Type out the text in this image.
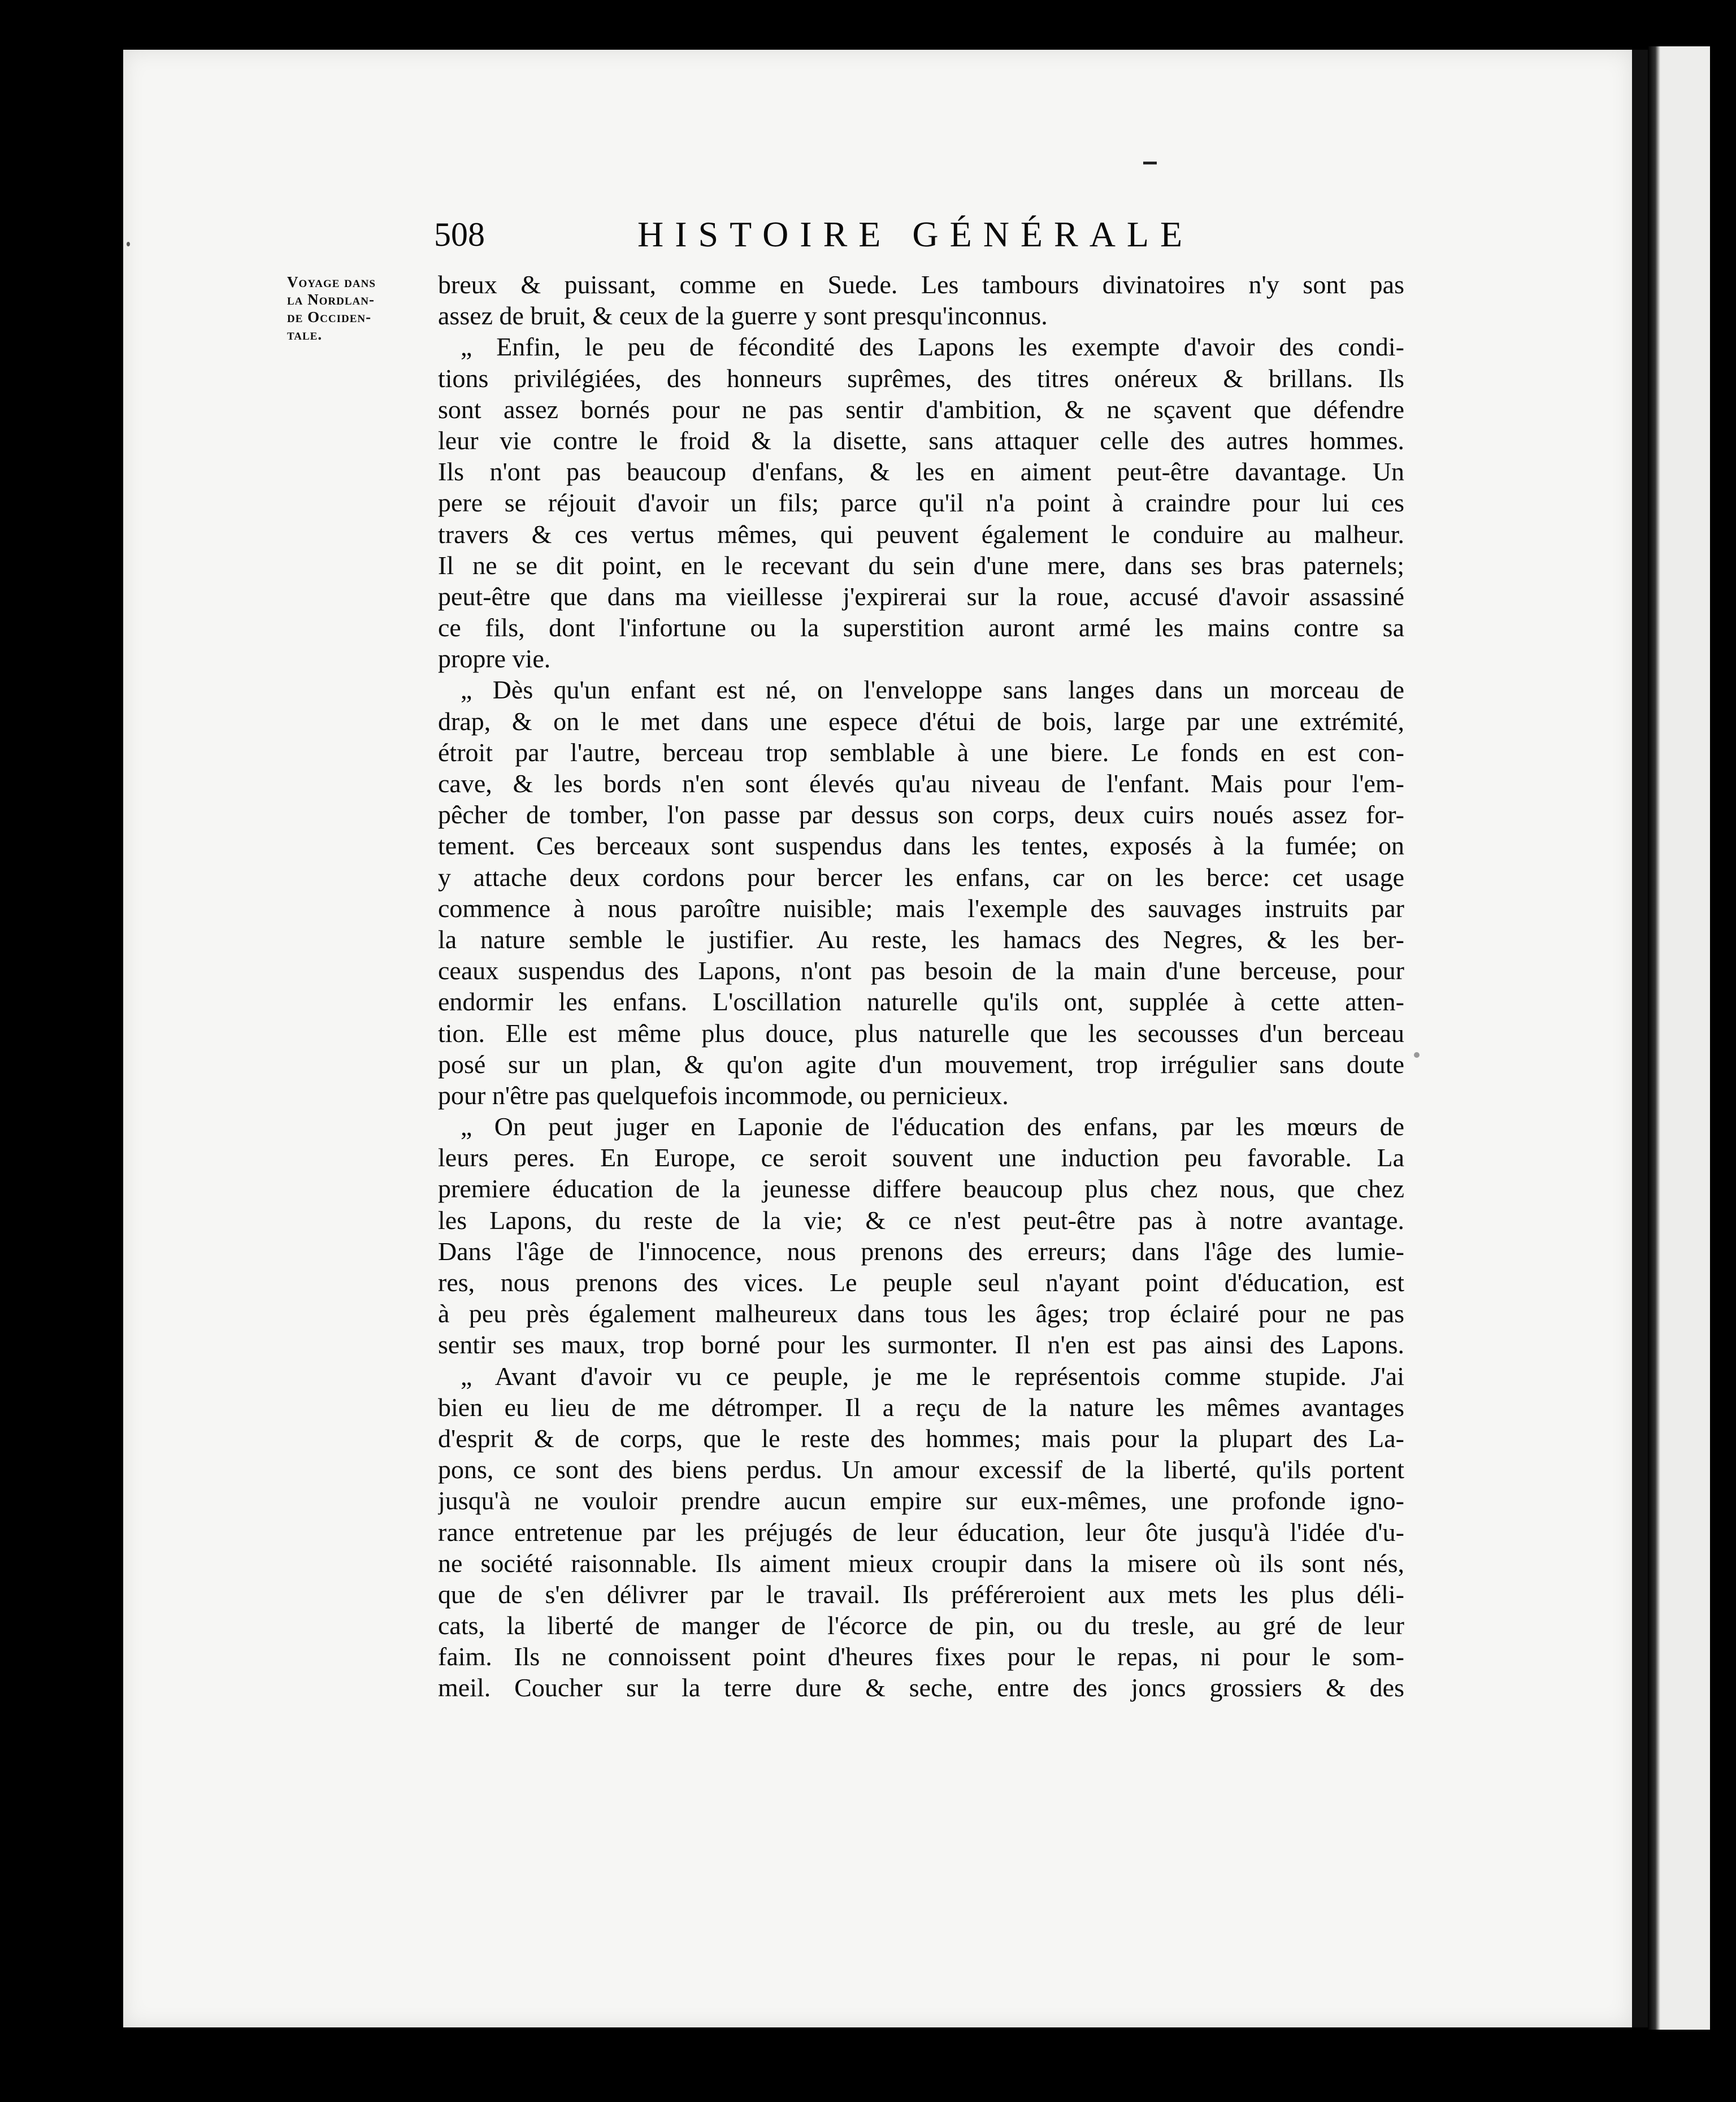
508	HISTOIRE GÉNÉRALE
Voyage dans
la Nordlan-
de Occiden-
tale.
breux & puissant, comme en Suede. Les tambours divinatoires n'y sont pas
assez de bruit, & ceux de la guerre y sont presqu'inconnus.
„ Enfin, le peu de fécondité des Lapons les exempte d'avoir des condi-
tions privilégiées, des honneurs suprêmes, des titres onéreux & brillans. Ils
sont assez bornés pour ne pas sentir d'ambition, & ne sçavent que défendre
leur vie contre le froid & la disette, sans attaquer celle des autres hommes.
Ils n'ont pas beaucoup d'enfans, & les en aiment peut-être davantage. Un
pere se réjouit d'avoir un fils; parce qu'il n'a point à craindre pour lui ces
travers & ces vertus mêmes, qui peuvent également le conduire au malheur.
Il ne se dit point, en le recevant du sein d'une mere, dans ses bras paternels;
peut-être que dans ma vieillesse j'expirerai sur la roue, accusé d'avoir assassiné
ce fils, dont l'infortune ou la superstition auront armé les mains contre sa
propre vie.
„ Dès qu'un enfant est né, on l'enveloppe sans langes dans un morceau de
drap, & on le met dans une espece d'étui de bois, large par une extrémité,
étroit par l'autre, berceau trop semblable à une biere. Le fonds en est con-
cave, & les bords n'en sont élevés qu'au niveau de l'enfant. Mais pour l'em-
pêcher de tomber, l'on passe par dessus son corps, deux cuirs noués assez for-
tement. Ces berceaux sont suspendus dans les tentes, exposés à la fumée; on
y attache deux cordons pour bercer les enfans, car on les berce: cet usage
commence à nous paroître nuisible; mais l'exemple des sauvages instruits par
la nature semble le justifier. Au reste, les hamacs des Negres, & les ber-
ceaux suspendus des Lapons, n'ont pas besoin de la main d'une berceuse, pour
endormir les enfans. L'oscillation naturelle qu'ils ont, supplée à cette atten-
tion. Elle est même plus douce, plus naturelle que les secousses d'un berceau
posé sur un plan, & qu'on agite d'un mouvement, trop irrégulier sans doute
pour n'être pas quelquefois incommode, ou pernicieux.
„ On peut juger en Laponie de l'éducation des enfans, par les mœurs de
leurs peres. En Europe, ce seroit souvent une induction peu favorable. La
premiere éducation de la jeunesse differe beaucoup plus chez nous, que chez
les Lapons, du reste de la vie; & ce n'est peut-être pas à notre avantage.
Dans l'âge de l'innocence, nous prenons des erreurs; dans l'âge des lumie-
res, nous prenons des vices. Le peuple seul n'ayant point d'éducation, est
à peu près également malheureux dans tous les âges; trop éclairé pour ne pas
sentir ses maux, trop borné pour les surmonter. Il n'en est pas ainsi des Lapons.
„ Avant d'avoir vu ce peuple, je me le représentois comme stupide. J'ai
bien eu lieu de me détromper. Il a reçu de la nature les mêmes avantages
d'esprit & de corps, que le reste des hommes; mais pour la plupart des La-
pons, ce sont des biens perdus. Un amour excessif de la liberté, qu'ils portent
jusqu'à ne vouloir prendre aucun empire sur eux-mêmes, une profonde igno-
rance entretenue par les préjugés de leur éducation, leur ôte jusqu'à l'idée d'u-
ne société raisonnable. Ils aiment mieux croupir dans la misere où ils sont nés,
que de s'en délivrer par le travail. Ils préféreroient aux mets les plus déli-
cats, la liberté de manger de l'écorce de pin, ou du tresle, au gré de leur
faim. Ils ne connoissent point d'heures fixes pour le repas, ni pour le som-
meil. Coucher sur la terre dure & seche, entre des joncs grossiers & des
